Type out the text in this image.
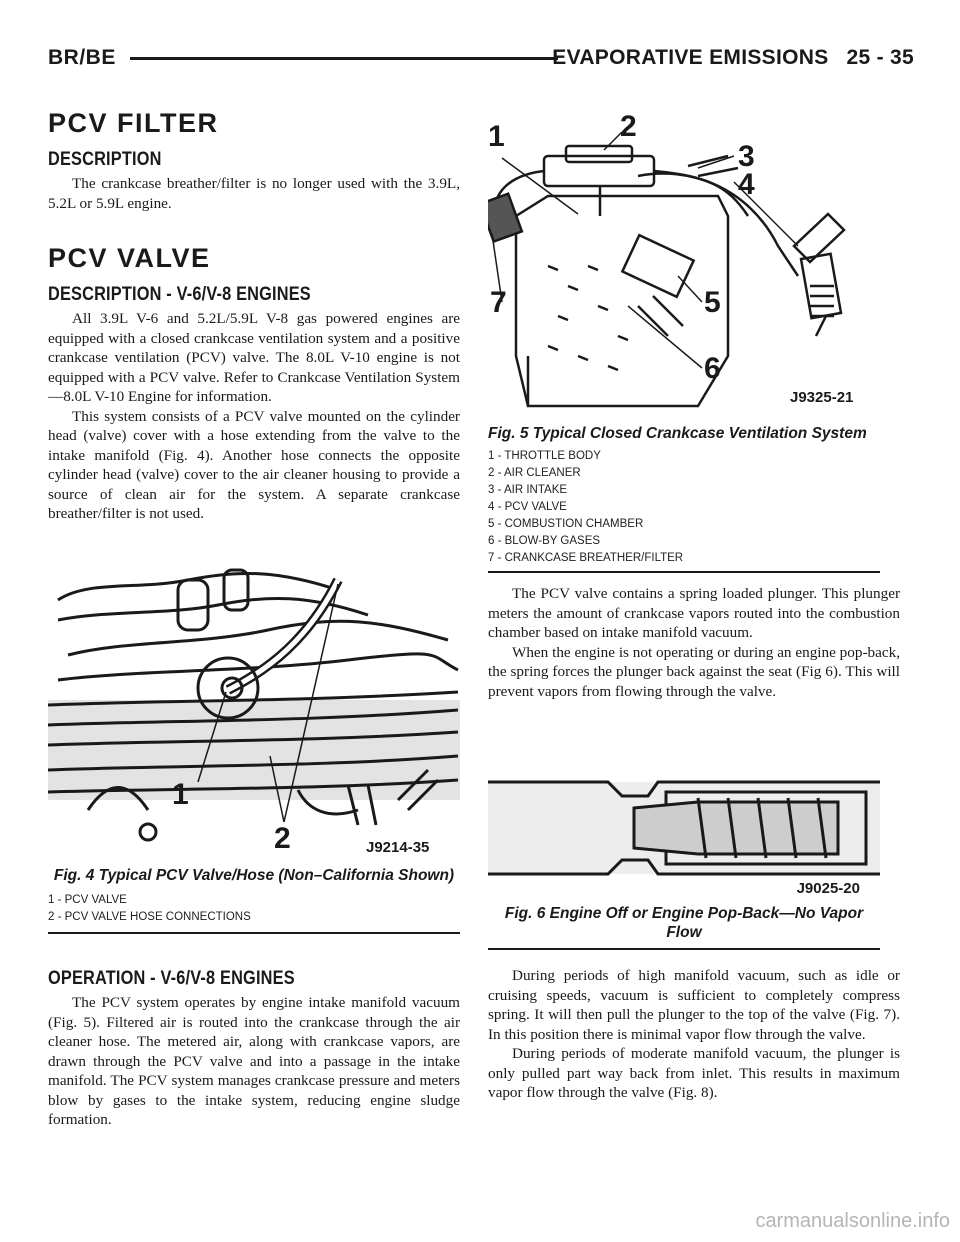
BR/BE	EVAPORATIVE EMISSIONS 25 - 35
PCV FILTER
DESCRIPTION

The crankcase breather/filter is no longer used with the 3.9L, 5.2L or 5.9L engine.

PCV VALVE
DESCRIPTION - V-6/V-8 ENGINES

All 3.9L V-6 and 5.2L/5.9L V-8 gas powered engines are equipped with a closed crankcase ventilation system and a positive crankcase ventilation (PCV) valve. The 8.0L V-10 engine is not equipped with a PCV valve. Refer to Crankcase Ventilation System—8.0L V-10 Engine for information.

This system consists of a PCV valve mounted on the cylinder head (valve) cover with a hose extending from the valve to the intake manifold (Fig. 4). Another hose connects the opposite cylinder head (valve) cover to the air cleaner housing to provide a source of clean air for the system. A separate crankcase breather/filter is not used.

1
2	J9214-35
Fig. 4 Typical PCV Valve/Hose (Non–California Shown)
1 - PCV VALVE
2 - PCV VALVE HOSE CONNECTIONS
OPERATION - V-6/V-8 ENGINES

The PCV system operates by engine intake manifold vacuum (Fig. 5). Filtered air is routed into the crankcase through the air cleaner hose. The metered air, along with crankcase vapors, are drawn through the PCV valve and into a passage in the intake manifold. The PCV system manages crankcase pressure and meters blow by gases to the intake system, reducing engine sludge formation.

1	2
3
4
5
6
7
J9325-21
Fig. 5 Typical Closed Crankcase Ventilation System
1 - THROTTLE BODY
2 - AIR CLEANER
3 - AIR INTAKE
4 - PCV VALVE
5 - COMBUSTION CHAMBER
6 - BLOW-BY GASES
7 - CRANKCASE BREATHER/FILTER

The PCV valve contains a spring loaded plunger. This plunger meters the amount of crankcase vapors routed into the combustion chamber based on intake manifold vacuum.

When the engine is not operating or during an engine pop-back, the spring forces the plunger back against the seat (Fig 6). This will prevent vapors from flowing through the valve.

J9025-20
Fig. 6 Engine Off or Engine Pop-Back—No Vapor Flow

During periods of high manifold vacuum, such as idle or cruising speeds, vacuum is sufficient to completely compress spring. It will then pull the plunger to the top of the valve (Fig. 7). In this position there is minimal vapor flow through the valve.

During periods of moderate manifold vacuum, the plunger is only pulled part way back from inlet. This results in maximum vapor flow through the valve (Fig. 8).

carmanualsonline.info
